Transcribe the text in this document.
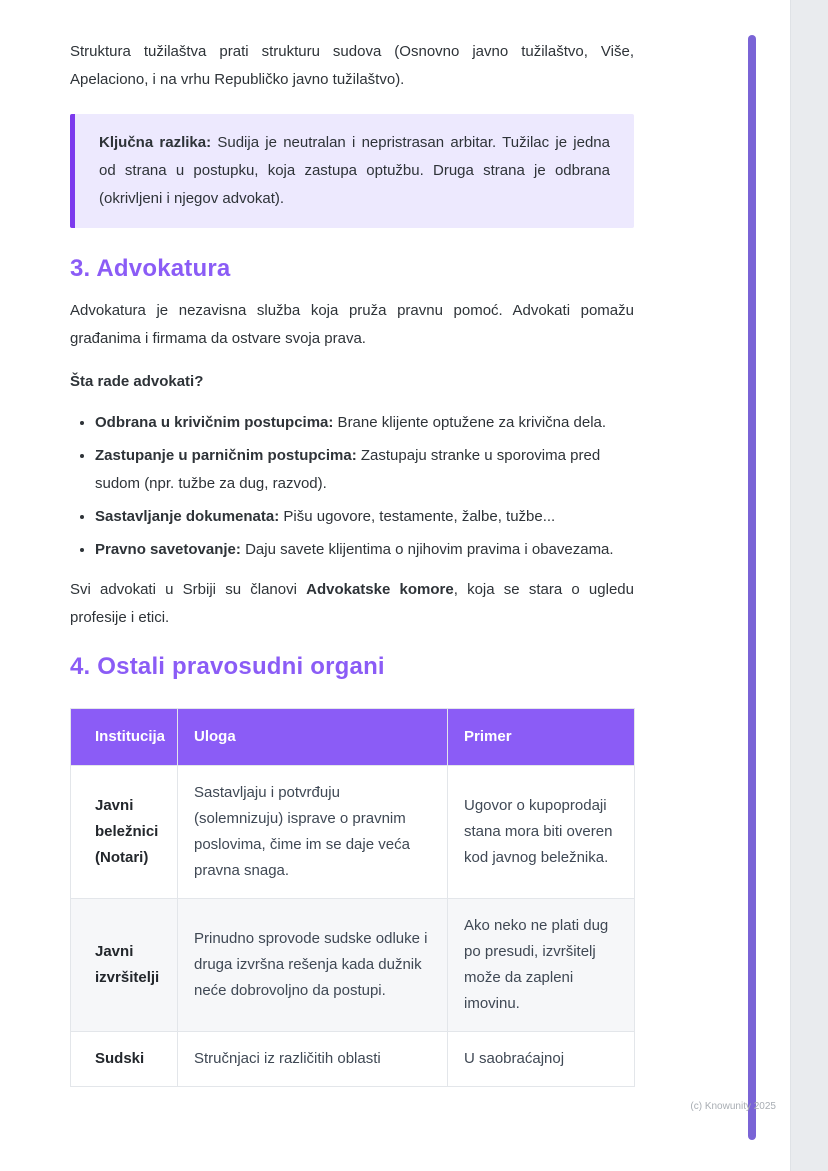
Struktura tužilaštva prati strukturu sudova (Osnovno javno tužilaštvo, Više, Apelaciono, i na vrhu Republičko javno tužilaštvo).

Ključna razlika: Sudija je neutralan i nepristrasan arbitar. Tužilac je jedna od strana u postupku, koja zastupa optužbu. Druga strana je odbrana (okrivljeni i njegov advokat).

3. Advokatura

Advokatura je nezavisna služba koja pruža pravnu pomoć. Advokati pomažu građanima i firmama da ostvare svoja prava.

Šta rade advokati?

• Odbrana u krivičnim postupcima: Brane klijente optužene za krivična dela.
• Zastupanje u parničnim postupcima: Zastupaju stranke u sporovima pred sudom (npr. tužbe za dug, razvod).
• Sastavljanje dokumenata: Pišu ugovore, testamente, žalbe, tužbe...
• Pravno savetovanje: Daju savete klijentima o njihovim pravima i obavezama.

Svi advokati u Srbiji su članovi Advokatske komore, koja se stara o ugledu profesije i etici.

4. Ostali pravosudni organi
Institucija	Uloga	Primer
Javni beležnici (Notari)	Sastavljaju i potvrđuju (solemnizuju) isprave o pravnim poslovima, čime im se daje veća pravna snaga.	Ugovor o kupoprodaji stana mora biti overen kod javnog beležnika.
Javni izvršitelji	Prinudno sprovode sudske odluke i druga izvršna rešenja kada dužnik neće dobrovoljno da postupi.	Ako neko ne plati dug po presudi, izvršitelj može da zapleni imovinu.
Sudski	Stručnjaci iz različitih oblasti	U saobraćajnoj
(c) Knowunity 2025
